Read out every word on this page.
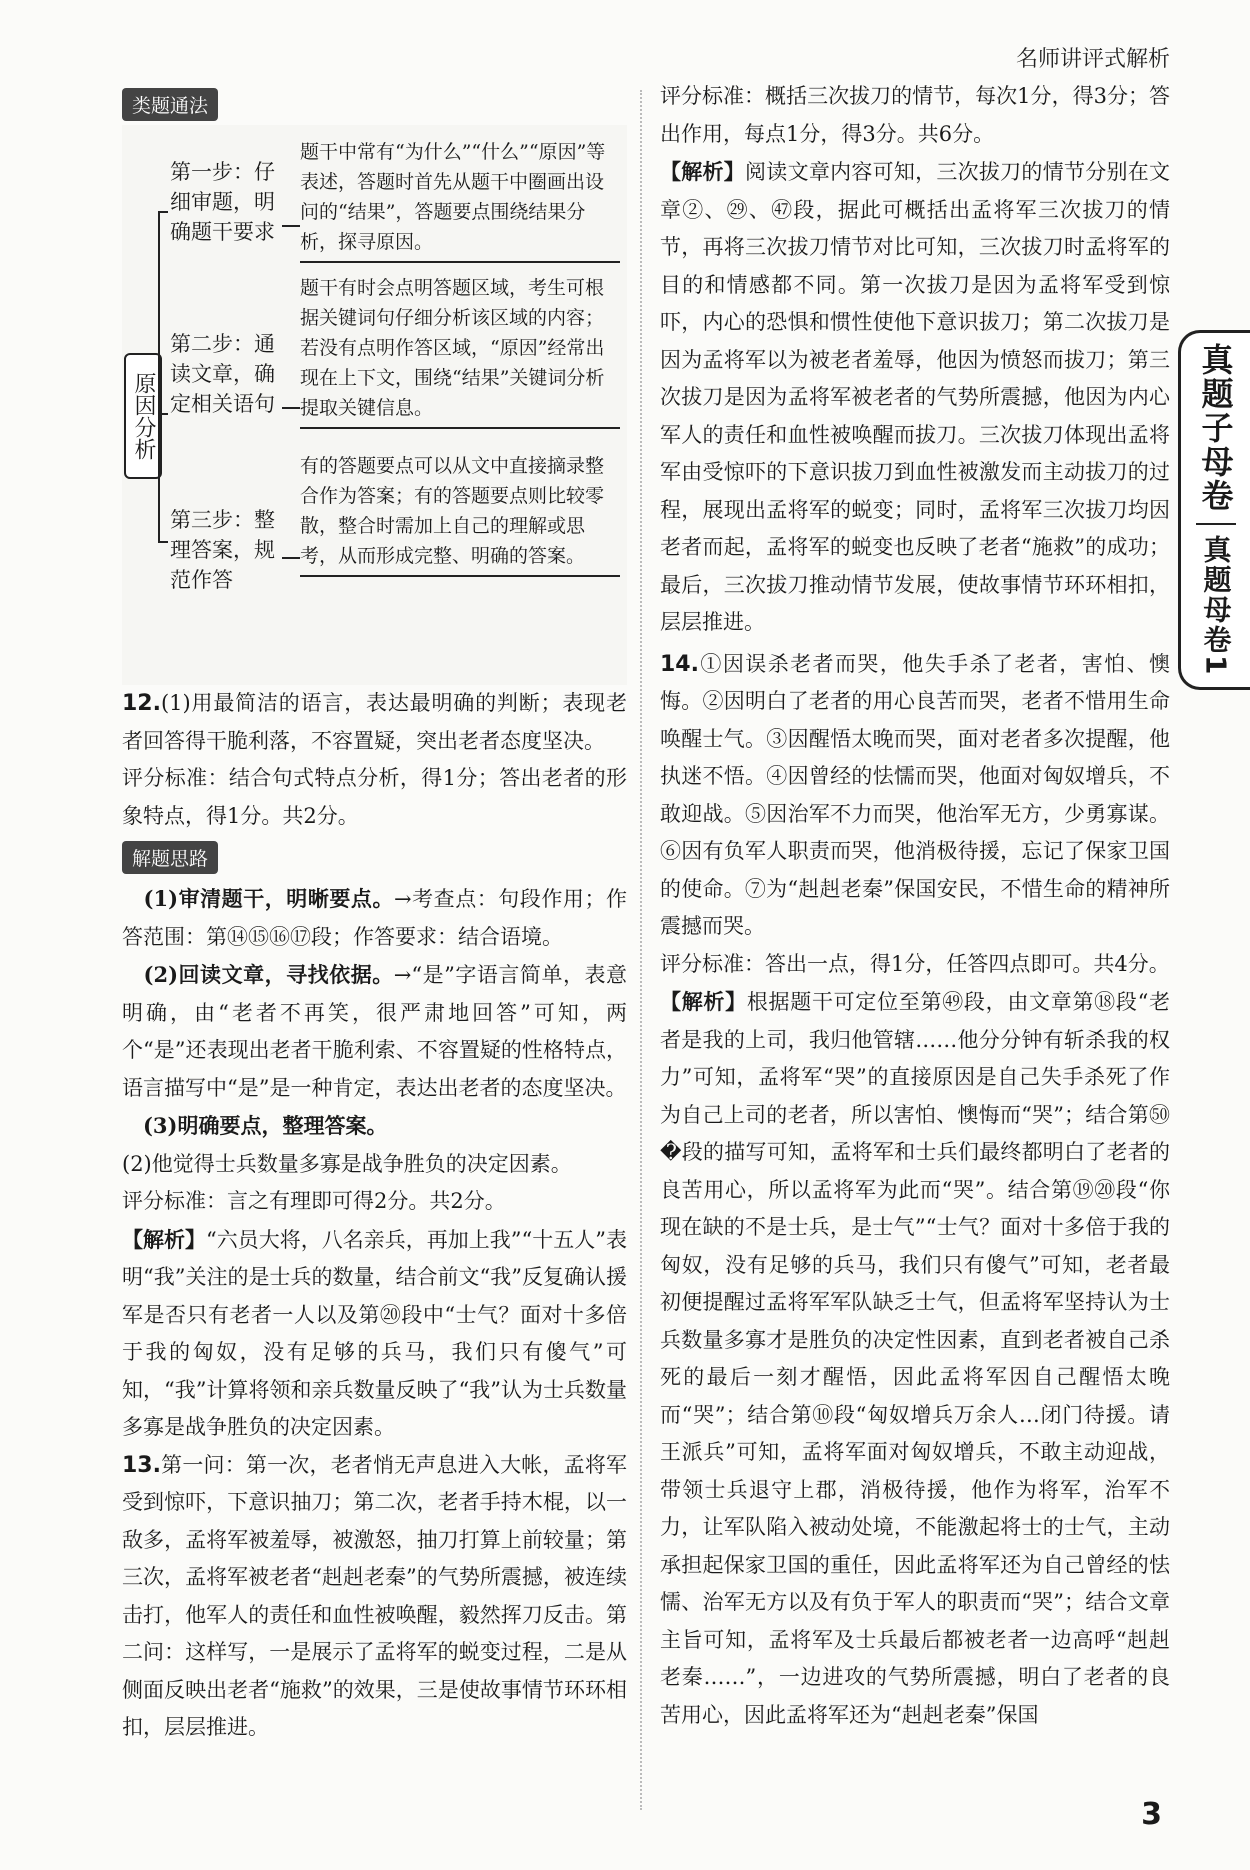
名师讲评式解析
真题子母卷
真题母卷1
类题通法
原因分析
第一步：仔细审题，明确题干要求
题干中常有“为什么”“什么”“原因”等表述，答题时首先从题干中圈画出设问的“结果”，答题要点围绕结果分析，探寻原因。
第二步：通读文章，确定相关语句
题干有时会点明答题区域，考生可根据关键词句仔细分析该区域的内容；若没有点明作答区域，“原因”经常出现在上下文，围绕“结果”关键词分析提取关键信息。
第三步：整理答案，规范作答
有的答题要点可以从文中直接摘录整合作为答案；有的答题要点则比较零散，整合时需加上自己的理解或思考，从而形成完整、明确的答案。

12.(1)用最简洁的语言，表达最明确的判断；表现老者回答得干脆利落，不容置疑，突出老者态度坚决。

评分标准：结合句式特点分析，得1分；答出老者的形象特点，得1分。共2分。

解题思路

　(1)审清题干，明晰要点。→考查点：句段作用；作答范围：第⑭⑮⑯⑰段；作答要求：结合语境。

　(2)回读文章，寻找依据。→“是”字语言简单，表意明确，由“老者不再笑，很严肃地回答”可知，两个“是”还表现出老者干脆利索、不容置疑的性格特点，语言描写中“是”是一种肯定，表达出老者的态度坚决。

　(3)明确要点，整理答案。

(2)他觉得士兵数量多寡是战争胜负的决定因素。

评分标准：言之有理即可得2分。共2分。

【解析】“六员大将，八名亲兵，再加上我”“十五人”表明“我”关注的是士兵的数量，结合前文“我”反复确认援军是否只有老者一人以及第⑳段中“士气？面对十多倍于我的匈奴，没有足够的兵马，我们只有傻气”可知，“我”计算将领和亲兵数量反映了“我”认为士兵数量多寡是战争胜负的决定因素。

13.第一问：第一次，老者悄无声息进入大帐，孟将军受到惊吓，下意识抽刀；第二次，老者手持木棍，以一敌多，孟将军被羞辱，被激怒，抽刀打算上前较量；第三次，孟将军被老者“赳赳老秦”的气势所震撼，被连续击打，他军人的责任和血性被唤醒，毅然挥刀反击。第二问：这样写，一是展示了孟将军的蜕变过程，二是从侧面反映出老者“施救”的效果，三是使故事情节环环相扣，层层推进。

评分标准：概括三次拔刀的情节，每次1分，得3分；答出作用，每点1分，得3分。共6分。

【解析】阅读文章内容可知，三次拔刀的情节分别在文章②、㉙、㊼段，据此可概括出孟将军三次拔刀的情节，再将三次拔刀情节对比可知，三次拔刀时孟将军的目的和情感都不同。第一次拔刀是因为孟将军受到惊吓，内心的恐惧和惯性使他下意识拔刀；第二次拔刀是因为孟将军以为被老者羞辱，他因为愤怒而拔刀；第三次拔刀是因为孟将军被老者的气势所震撼，他因为内心军人的责任和血性被唤醒而拔刀。三次拔刀体现出孟将军由受惊吓的下意识拔刀到血性被激发而主动拔刀的过程，展现出孟将军的蜕变；同时，孟将军三次拔刀均因老者而起，孟将军的蜕变也反映了老者“施救”的成功；最后，三次拔刀推动情节发展，使故事情节环环相扣，层层推进。

14.①因误杀老者而哭，他失手杀了老者，害怕、懊悔。②因明白了老者的用心良苦而哭，老者不惜用生命唤醒士气。③因醒悟太晚而哭，面对老者多次提醒，他执迷不悟。④因曾经的怯懦而哭，他面对匈奴增兵，不敢迎战。⑤因治军不力而哭，他治军无方，少勇寡谋。⑥因有负军人职责而哭，他消极待援，忘记了保家卫国的使命。⑦为“赳赳老秦”保国安民，不惜生命的精神所震撼而哭。

评分标准：答出一点，得1分，任答四点即可。共4分。

【解析】根据题干可定位至第㊾段，由文章第⑱段“老者是我的上司，我归他管辖……他分分钟有斩杀我的权力”可知，孟将军“哭”的直接原因是自己失手杀死了作为自己上司的老者，所以害怕、懊悔而“哭”；结合第㊿�段的描写可知，孟将军和士兵们最终都明白了老者的良苦用心，所以孟将军为此而“哭”。结合第⑲⑳段“你现在缺的不是士兵，是士气”“士气？面对十多倍于我的匈奴，没有足够的兵马，我们只有傻气”可知，老者最初便提醒过孟将军军队缺乏士气，但孟将军坚持认为士兵数量多寡才是胜负的决定性因素，直到老者被自己杀死的最后一刻才醒悟，因此孟将军因自己醒悟太晚而“哭”；结合第⑩段“匈奴增兵万余人…闭门待援。请王派兵”可知，孟将军面对匈奴增兵，不敢主动迎战，带领士兵退守上郡，消极待援，他作为将军，治军不力，让军队陷入被动处境，不能激起将士的士气，主动承担起保家卫国的重任，因此孟将军还为自己曾经的怯懦、治军无方以及有负于军人的职责而“哭”；结合文章主旨可知，孟将军及士兵最后都被老者一边高呼“赳赳老秦……”，一边进攻的气势所震撼，明白了老者的良苦用心，因此孟将军还为“赳赳老秦”保国

3
